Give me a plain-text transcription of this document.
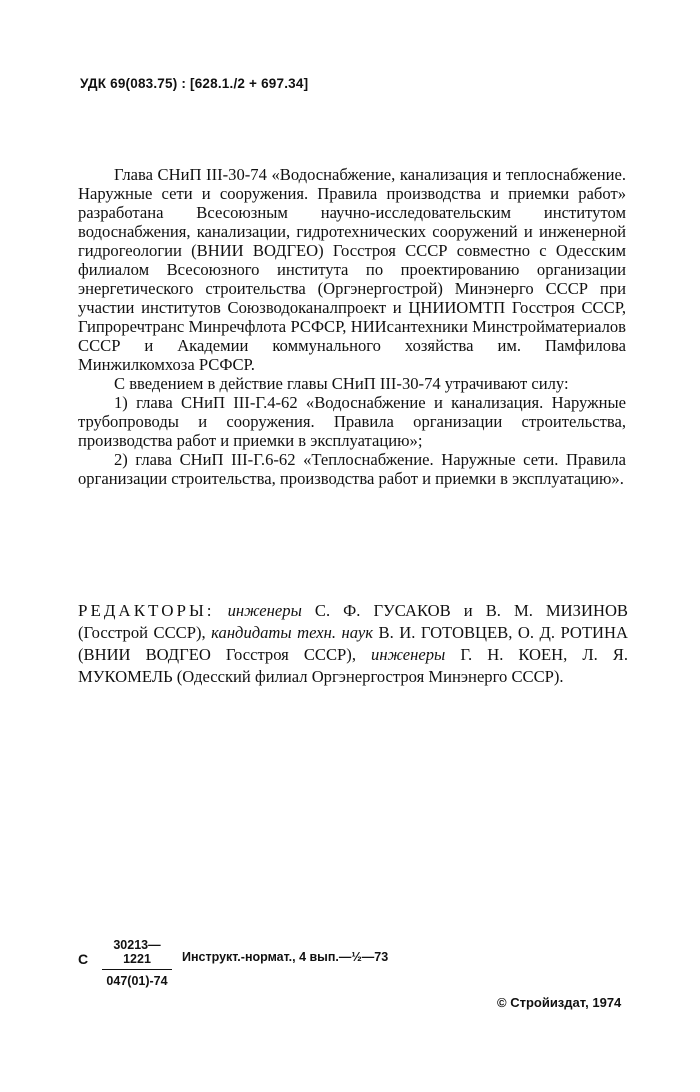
УДК 69(083.75) : [628.1./2 + 697.34]

Глава СНиП III-30-74 «Водоснабжение, канализация и теплоснабжение. Наружные сети и сооружения. Правила производства и приемки работ» разработана Всесоюзным научно-исследовательским институтом водоснабжения, канализации, гидротехнических сооружений и инженерной гидрогеологии (ВНИИ ВОДГЕО) Госстроя СССР совместно с Одесским филиалом Всесоюзного института по проектированию организации энергетического строительства (Оргэнергострой) Минэнерго СССР при участии институтов Союзводоканалпроект и ЦНИИОМТП Госстроя СССР, Гипроречтранс Минречфлота РСФСР, НИИсантехники Минстройматериалов СССР и Академии коммунального хозяйства им. Памфилова Минжилкомхоза РСФСР.

С введением в действие главы СНиП III-30-74 утрачивают силу:

1) глава СНиП III-Г.4-62 «Водоснабжение и канализация. Наружные трубопроводы и сооружения. Правила организации строительства, производства работ и приемки в эксплуатацию»;

2) глава СНиП III-Г.6-62 «Теплоснабжение. Наружные сети. Правила организации строительства, производства работ и приемки в эксплуатацию».

РЕДАКТОРЫ: инженеры С. Ф. ГУСАКОВ и В. М. МИЗИНОВ (Госстрой СССР), кандидаты техн. наук В. И. ГОТОВЦЕВ, О. Д. РОТИНА (ВНИИ ВОДГЕО Госстроя СССР), инженеры Г. Н. КОЕН, Л. Я. МУКОМЕЛЬ (Одесский филиал Оргэнергостроя Минэнерго СССР).
С $\frac{30213—1221}{047(01)-74}$ Инструкт.-нормат., 4 вып.—½—73
© Стройиздат, 1974
